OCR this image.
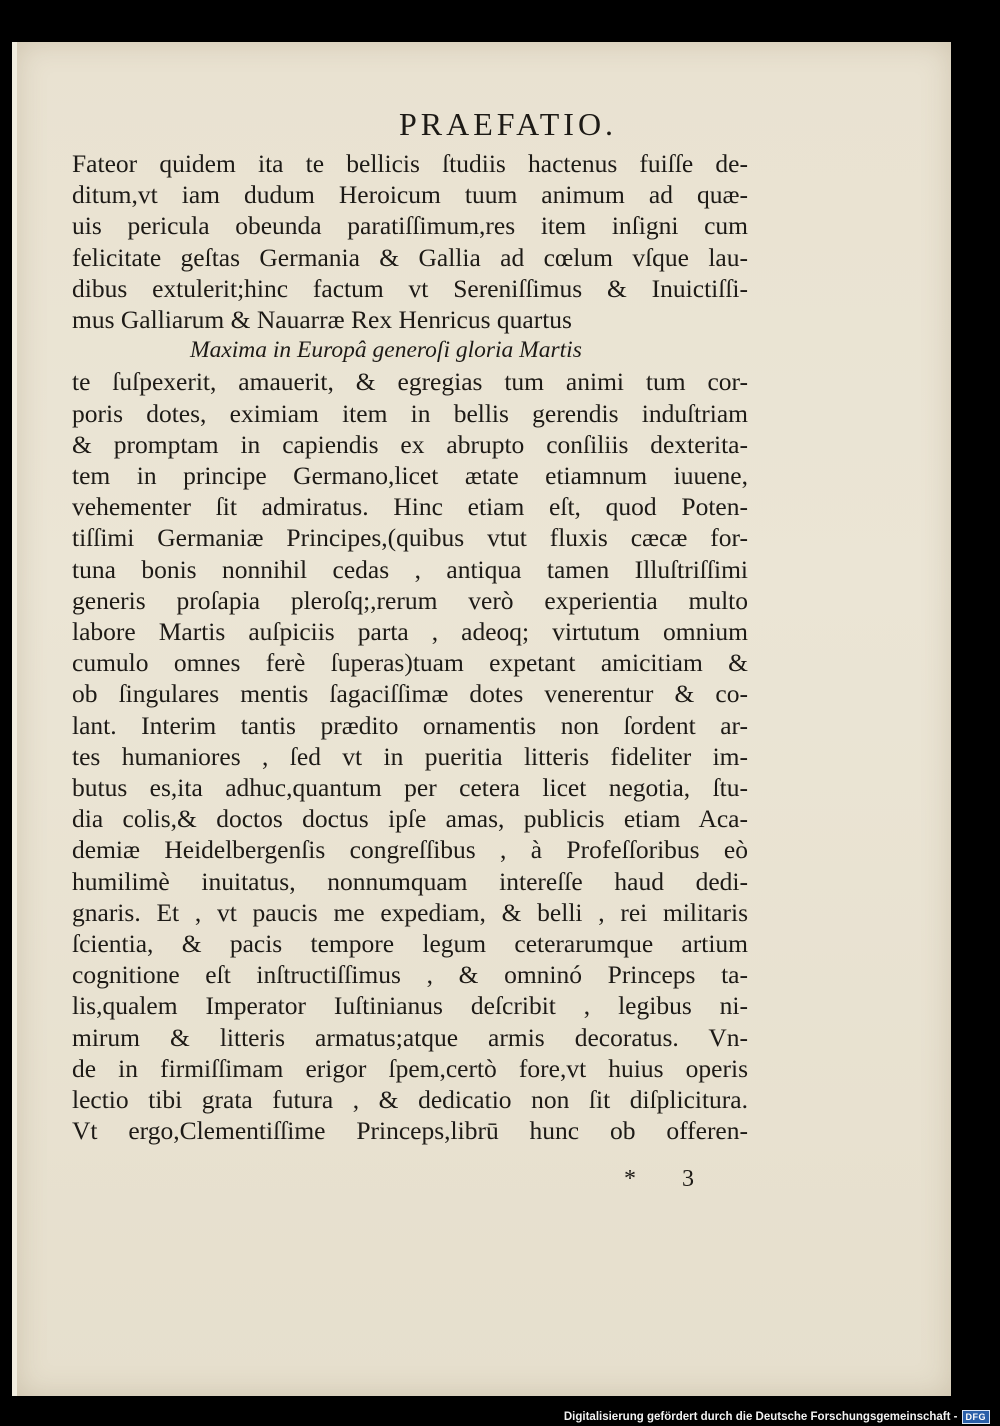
PRAEFATIO.
Fateor quidem ita te bellicis ſtudiis hactenus fuiſſe de-
ditum,vt iam dudum Heroicum tuum animum ad quæ-
uis pericula obeunda paratiſſimum,res item inſigni cum
felicitate geſtas Germania & Gallia ad cœlum vſque lau-
dibus extulerit;hinc factum vt Sereniſſimus & Inuictiſſi-
mus Galliarum & Nauarræ Rex Henricus quartus
Maxima in Europâ generoſi gloria Martis
te ſuſpexerit, amauerit, & egregias tum animi tum cor-
poris dotes, eximiam item in bellis gerendis induſtriam
& promptam in capiendis ex abrupto conſiliis dexterita-
tem in principe Germano,licet ætate etiamnum iuuene,
vehementer ſit admiratus. Hinc etiam eſt, quod Poten-
tiſſimi Germaniæ Principes,(quibus vtut fluxis cæcæ for-
tuna bonis nonnihil cedas , antiqua tamen Illuſtriſſimi
generis proſapia pleroſq;,rerum verò experientia multo
labore Martis auſpiciis parta , adeoq; virtutum omnium
cumulo omnes ferè ſuperas)tuam expetant amicitiam &
ob ſingulares mentis ſagaciſſimæ dotes venerentur & co-
lant. Interim tantis prædito ornamentis non ſordent ar-
tes humaniores , ſed vt in pueritia litteris fideliter im-
butus es,ita adhuc,quantum per cetera licet negotia, ſtu-
dia colis,& doctos doctus ipſe amas, publicis etiam Aca-
demiæ Heidelbergenſis congreſſibus , à Profeſſoribus eò
humilimè inuitatus, nonnumquam intereſſe haud dedi-
gnaris. Et , vt paucis me expediam, & belli , rei militaris
ſcientia, & pacis tempore legum ceterarumque artium
cognitione eſt inſtructiſſimus , & omninó Princeps ta-
lis,qualem Imperator Iuſtinianus deſcribit , legibus ni-
mirum & litteris armatus;atque armis decoratus. Vn-
de in firmiſſimam erigor ſpem,certò fore,vt huius operis
lectio tibi grata futura , & dedicatio non ſit diſplicitura.
Vt ergo,Clementiſſime Princeps,librū hunc ob offeren-
* 3
Digitalisierung gefördert durch die Deutsche Forschungsgemeinschaft - DFG
